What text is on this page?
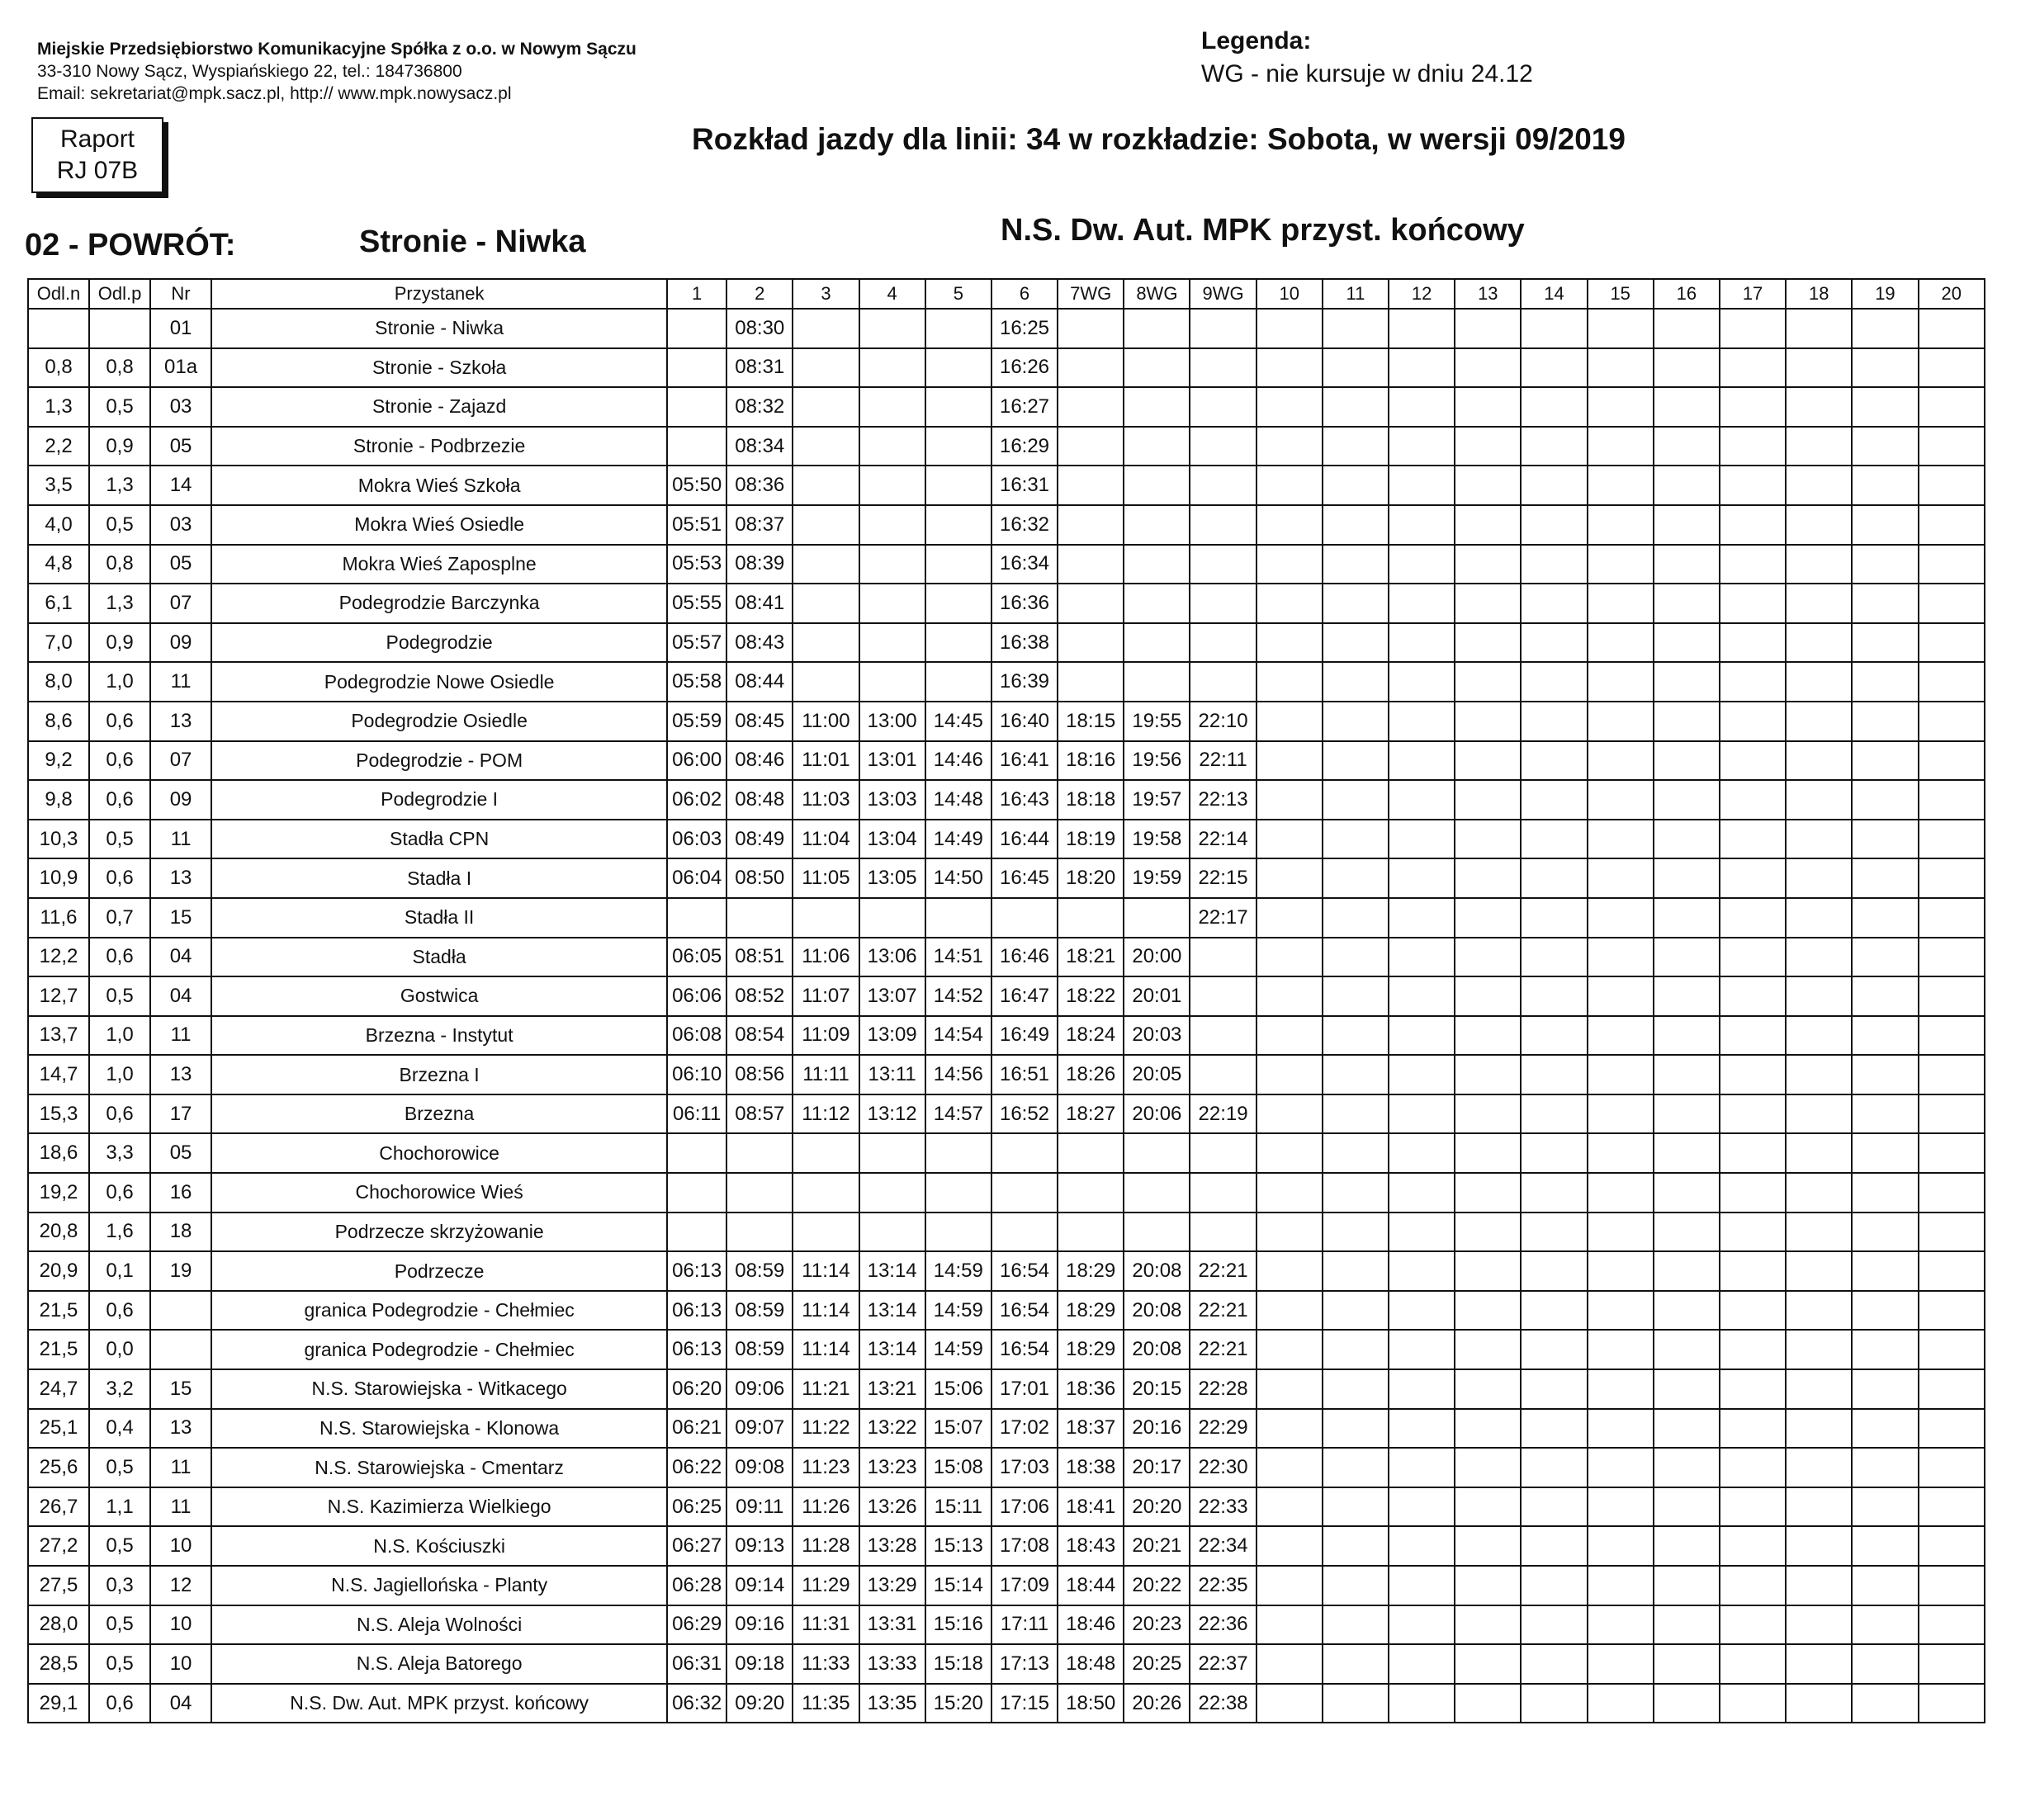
Miejskie Przedsiębiorstwo Komunikacyjne Spółka z o.o. w Nowym Sączu
33-310 Nowy Sącz, Wyspiańskiego 22, tel.: 184736800
Email: sekretariat@mpk.sacz.pl, http:// www.mpk.nowysacz.pl
Raport
RJ 07B
Legenda:
WG - nie kursuje w dniu 24.12
Rozkład jazdy dla linii: 34 w rozkładzie: Sobota, w wersji 09/2019
02 - POWRÓT:	Stronie - Niwka	N.S. Dw. Aut. MPK przyst. końcowy
Odl.n	Odl.p	Nr	Przystanek	1	2	3	4	5	6	7WG	8WG	9WG	10	11	12	13	14	15	16	17	18	19	20
		01	Stronie - Niwka		08:30				16:25														
0,8	0,8	01a	Stronie - Szkoła		08:31				16:26														
1,3	0,5	03	Stronie - Zajazd		08:32				16:27														
2,2	0,9	05	Stronie - Podbrzezie		08:34				16:29														
3,5	1,3	14	Mokra Wieś Szkoła	05:50	08:36				16:31														
4,0	0,5	03	Mokra Wieś Osiedle	05:51	08:37				16:32														
4,8	0,8	05	Mokra Wieś Zaposplne	05:53	08:39				16:34														
6,1	1,3	07	Podegrodzie Barczynka	05:55	08:41				16:36														
7,0	0,9	09	Podegrodzie	05:57	08:43				16:38														
8,0	1,0	11	Podegrodzie Nowe Osiedle	05:58	08:44				16:39														
8,6	0,6	13	Podegrodzie Osiedle	05:59	08:45	11:00	13:00	14:45	16:40	18:15	19:55	22:10											
9,2	0,6	07	Podegrodzie - POM	06:00	08:46	11:01	13:01	14:46	16:41	18:16	19:56	22:11											
9,8	0,6	09	Podegrodzie I	06:02	08:48	11:03	13:03	14:48	16:43	18:18	19:57	22:13											
10,3	0,5	11	Stadła CPN	06:03	08:49	11:04	13:04	14:49	16:44	18:19	19:58	22:14											
10,9	0,6	13	Stadła I	06:04	08:50	11:05	13:05	14:50	16:45	18:20	19:59	22:15											
11,6	0,7	15	Stadła II									22:17											
12,2	0,6	04	Stadła	06:05	08:51	11:06	13:06	14:51	16:46	18:21	20:00												
12,7	0,5	04	Gostwica	06:06	08:52	11:07	13:07	14:52	16:47	18:22	20:01												
13,7	1,0	11	Brzezna - Instytut	06:08	08:54	11:09	13:09	14:54	16:49	18:24	20:03												
14,7	1,0	13	Brzezna I	06:10	08:56	11:11	13:11	14:56	16:51	18:26	20:05												
15,3	0,6	17	Brzezna	06:11	08:57	11:12	13:12	14:57	16:52	18:27	20:06	22:19											
18,6	3,3	05	Chochorowice																				
19,2	0,6	16	Chochorowice Wieś																				
20,8	1,6	18	Podrzecze skrzyżowanie																				
20,9	0,1	19	Podrzecze	06:13	08:59	11:14	13:14	14:59	16:54	18:29	20:08	22:21											
21,5	0,6		granica Podegrodzie - Chełmiec	06:13	08:59	11:14	13:14	14:59	16:54	18:29	20:08	22:21											
21,5	0,0		granica Podegrodzie - Chełmiec	06:13	08:59	11:14	13:14	14:59	16:54	18:29	20:08	22:21											
24,7	3,2	15	N.S. Starowiejska - Witkacego	06:20	09:06	11:21	13:21	15:06	17:01	18:36	20:15	22:28											
25,1	0,4	13	N.S. Starowiejska - Klonowa	06:21	09:07	11:22	13:22	15:07	17:02	18:37	20:16	22:29											
25,6	0,5	11	N.S. Starowiejska - Cmentarz	06:22	09:08	11:23	13:23	15:08	17:03	18:38	20:17	22:30											
26,7	1,1	11	N.S. Kazimierza Wielkiego	06:25	09:11	11:26	13:26	15:11	17:06	18:41	20:20	22:33											
27,2	0,5	10	N.S. Kościuszki	06:27	09:13	11:28	13:28	15:13	17:08	18:43	20:21	22:34											
27,5	0,3	12	N.S. Jagiellońska - Planty	06:28	09:14	11:29	13:29	15:14	17:09	18:44	20:22	22:35											
28,0	0,5	10	N.S. Aleja Wolności	06:29	09:16	11:31	13:31	15:16	17:11	18:46	20:23	22:36											
28,5	0,5	10	N.S. Aleja Batorego	06:31	09:18	11:33	13:33	15:18	17:13	18:48	20:25	22:37											
29,1	0,6	04	N.S. Dw. Aut. MPK przyst. końcowy	06:32	09:20	11:35	13:35	15:20	17:15	18:50	20:26	22:38											
